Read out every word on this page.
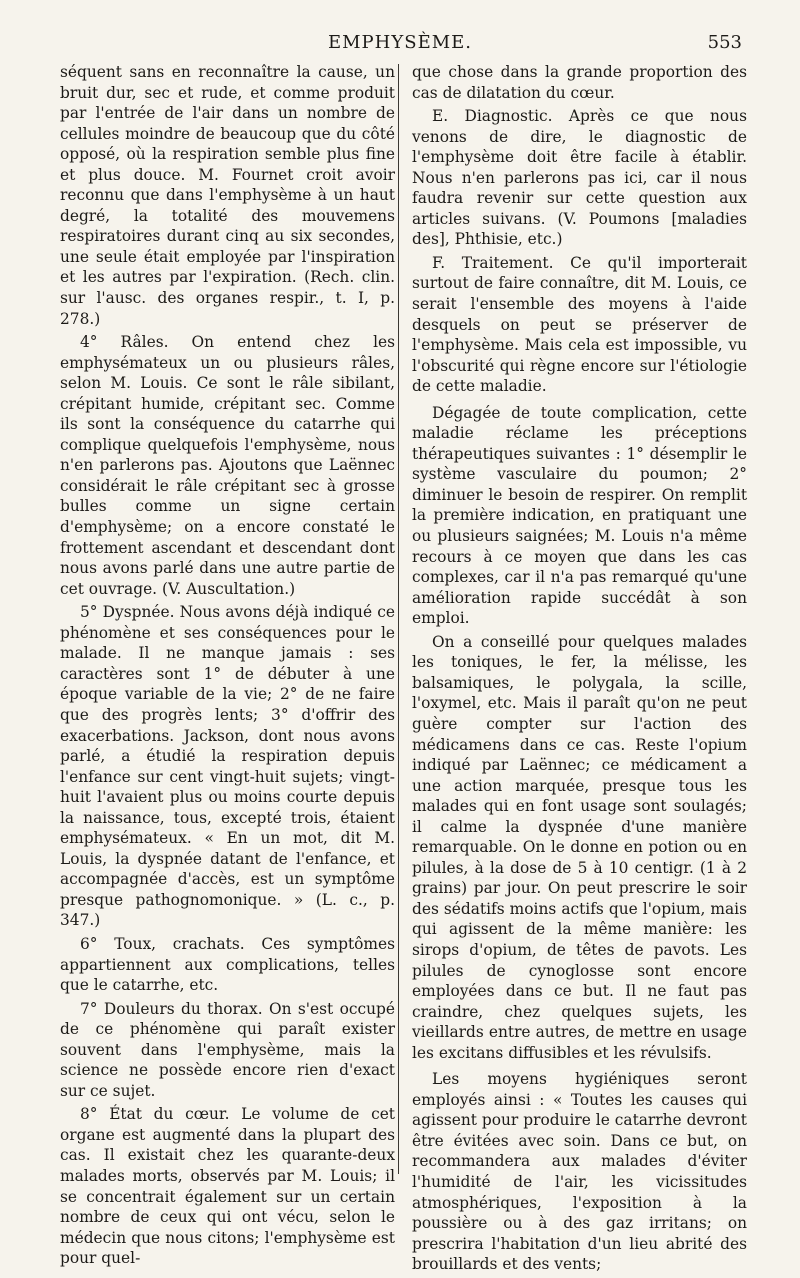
EMPHYSÈME.	553

séquent sans en reconnaître la cause, un bruit dur, sec et rude, et comme produit par l'entrée de l'air dans un nombre de cellules moindre de beaucoup que du côté opposé, où la respiration semble plus fine et plus douce. M. Fournet croit avoir reconnu que dans l'emphysème à un haut degré, la totalité des mouvemens respiratoires durant cinq au six secondes, une seule était employée par l'inspiration et les autres par l'expiration. (Rech. clin. sur l'ausc. des organes respir., t. I, p. 278.)

4° Râles. On entend chez les emphysémateux un ou plusieurs râles, selon M. Louis. Ce sont le râle sibilant, crépitant humide, crépitant sec. Comme ils sont la conséquence du catarrhe qui complique quelquefois l'emphysème, nous n'en parlerons pas. Ajoutons que Laënnec considérait le râle crépitant sec à grosse bulles comme un signe certain d'emphysème; on a encore constaté le frottement ascendant et descendant dont nous avons parlé dans une autre partie de cet ouvrage. (V. Auscultation.)

5° Dyspnée. Nous avons déjà indiqué ce phénomène et ses conséquences pour le malade. Il ne manque jamais : ses caractères sont 1° de débuter à une époque variable de la vie; 2° de ne faire que des progrès lents; 3° d'offrir des exacerbations. Jackson, dont nous avons parlé, a étudié la respiration depuis l'enfance sur cent vingt-huit sujets; vingt-huit l'avaient plus ou moins courte depuis la naissance, tous, excepté trois, étaient emphysémateux. « En un mot, dit M. Louis, la dyspnée datant de l'enfance, et accompagnée d'accès, est un symptôme presque pathognomonique. » (L. c., p. 347.)

6° Toux, crachats. Ces symptômes appartiennent aux complications, telles que le catarrhe, etc.

7° Douleurs du thorax. On s'est occupé de ce phénomène qui paraît exister souvent dans l'emphysème, mais la science ne possède encore rien d'exact sur ce sujet.

8° État du cœur. Le volume de cet organe est augmenté dans la plupart des cas. Il existait chez les quarante-deux malades morts, observés par M. Louis; il se concentrait également sur un certain nombre de ceux qui ont vécu, selon le médecin que nous citons; l'emphysème est pour quel-

que chose dans la grande proportion des cas de dilatation du cœur.

E. Diagnostic. Après ce que nous venons de dire, le diagnostic de l'emphysème doit être facile à établir. Nous n'en parlerons pas ici, car il nous faudra revenir sur cette question aux articles suivans. (V. Poumons [maladies des], Phthisie, etc.)

F. Traitement. Ce qu'il importerait surtout de faire connaître, dit M. Louis, ce serait l'ensemble des moyens à l'aide desquels on peut se préserver de l'emphysème. Mais cela est impossible, vu l'obscurité qui règne encore sur l'étiologie de cette maladie.

Dégagée de toute complication, cette maladie réclame les préceptions thérapeutiques suivantes : 1° désemplir le système vasculaire du poumon; 2° diminuer le besoin de respirer. On remplit la première indication, en pratiquant une ou plusieurs saignées; M. Louis n'a même recours à ce moyen que dans les cas complexes, car il n'a pas remarqué qu'une amélioration rapide succédât à son emploi.

On a conseillé pour quelques malades les toniques, le fer, la mélisse, les balsamiques, le polygala, la scille, l'oxymel, etc. Mais il paraît qu'on ne peut guère compter sur l'action des médicamens dans ce cas. Reste l'opium indiqué par Laënnec; ce médicament a une action marquée, presque tous les malades qui en font usage sont soulagés; il calme la dyspnée d'une manière remarquable. On le donne en potion ou en pilules, à la dose de 5 à 10 centigr. (1 à 2 grains) par jour. On peut prescrire le soir des sédatifs moins actifs que l'opium, mais qui agissent de la même manière: les sirops d'opium, de têtes de pavots. Les pilules de cynoglosse sont encore employées dans ce but. Il ne faut pas craindre, chez quelques sujets, les vieillards entre autres, de mettre en usage les excitans diffusibles et les révulsifs.

Les moyens hygiéniques seront employés ainsi : « Toutes les causes qui agissent pour produire le catarrhe devront être évitées avec soin. Dans ce but, on recommandera aux malades d'éviter l'humidité de l'air, les vicissitudes atmosphériques, l'exposition à la poussière ou à des gaz irritans; on prescrira l'habitation d'un lieu abrité des brouillards et des vents;
